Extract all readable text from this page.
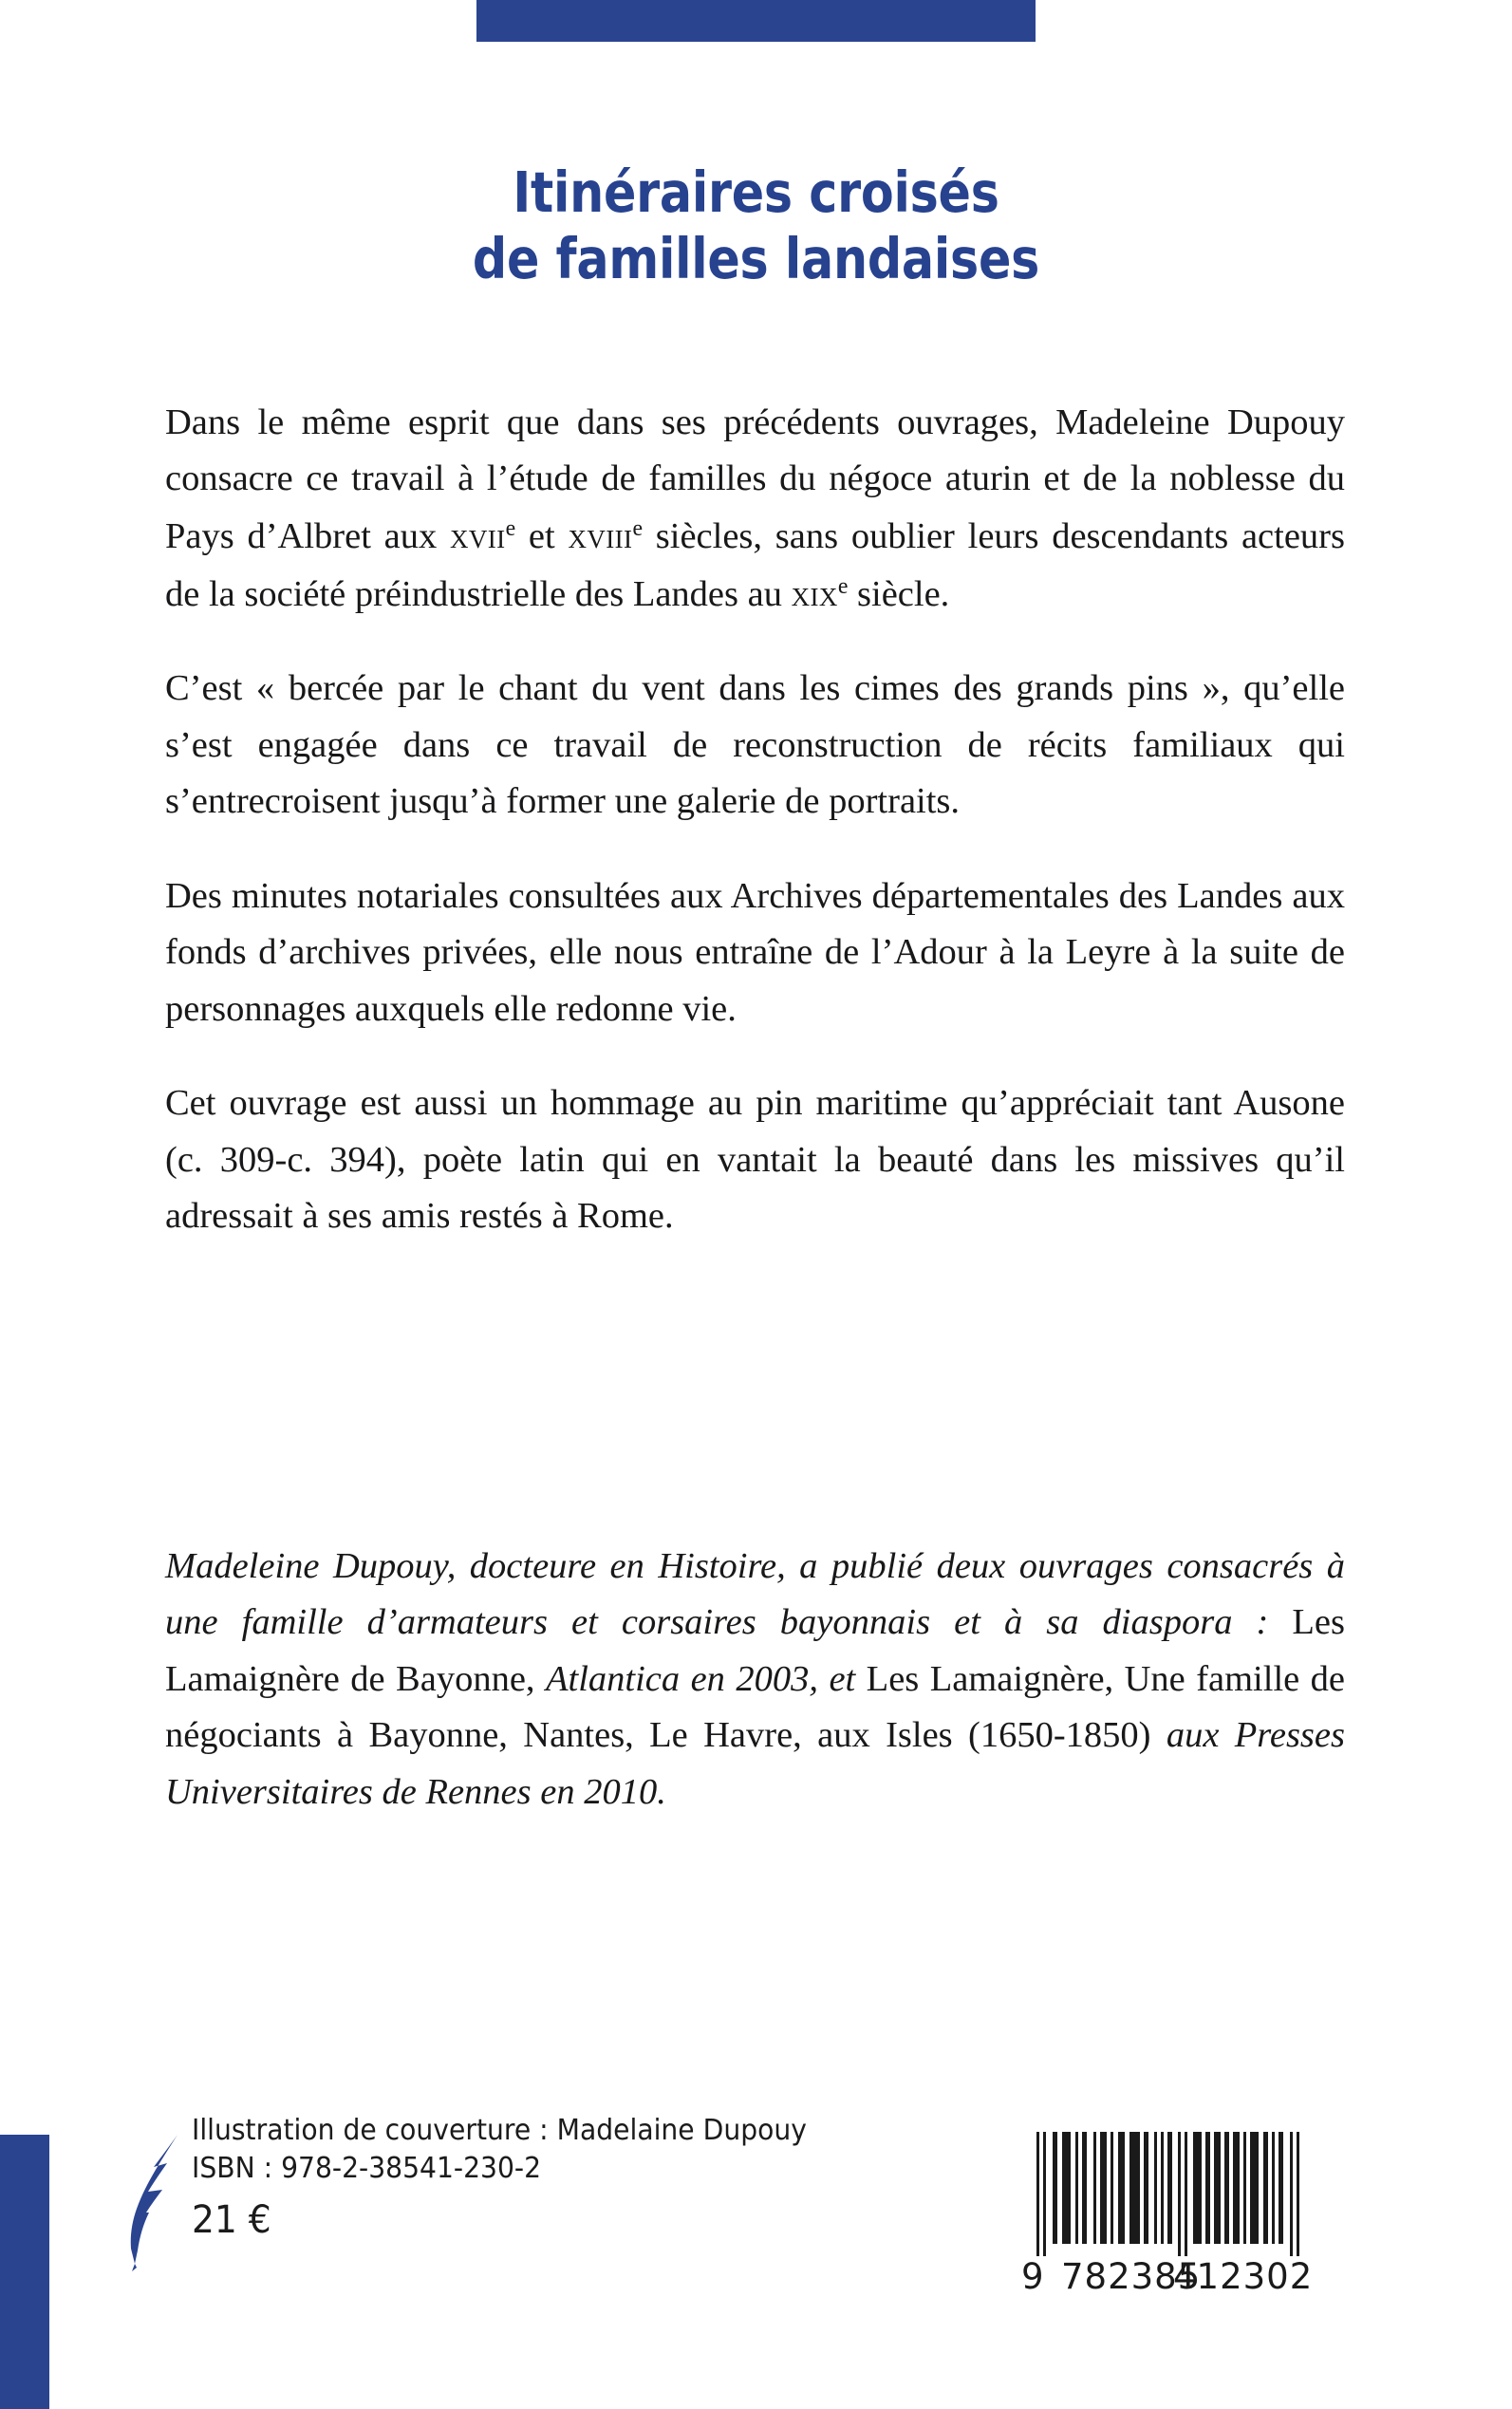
Itinéraires croisés
de familles landaises

Dans le même esprit que dans ses précédents ouvrages, Madeleine Dupouy consacre ce travail à l’étude de familles du négoce aturin et de la noblesse du Pays d’Albret aux xvii$^e$ et xviii$^e$ siècles, sans oublier leurs descendants acteurs de la société préindustrielle des Landes au xix$^e$ siècle.

C’est « bercée par le chant du vent dans les cimes des grands pins », qu’elle s’est engagée dans ce travail de reconstruction de récits familiaux qui s’entrecroisent jusqu’à former une galerie de portraits.

Des minutes notariales consultées aux Archives départementales des Landes aux fonds d’archives privées, elle nous entraîne de l’Adour à la Leyre à la suite de personnages auxquels elle redonne vie.

Cet ouvrage est aussi un hommage au pin maritime qu’appréciait tant Ausone (c. 309-c. 394), poète latin qui en vantait la beauté dans les missives qu’il adressait à ses amis restés à Rome.

Madeleine Dupouy, docteure en Histoire, a publié deux ouvrages consacrés à une famille d’armateurs et corsaires bayonnais et à sa diaspora : Les Lamaignère de Bayonne, Atlantica en 2003, et Les Lamaignère, Une famille de négociants à Bayonne, Nantes, Le Havre, aux Isles (1650-1850) aux Presses Universitaires de Rennes en 2010.
Illustration de couverture : Madelaine Dupouy
ISBN : 978-2-38541-230-2
21 €
9 782385
412302
